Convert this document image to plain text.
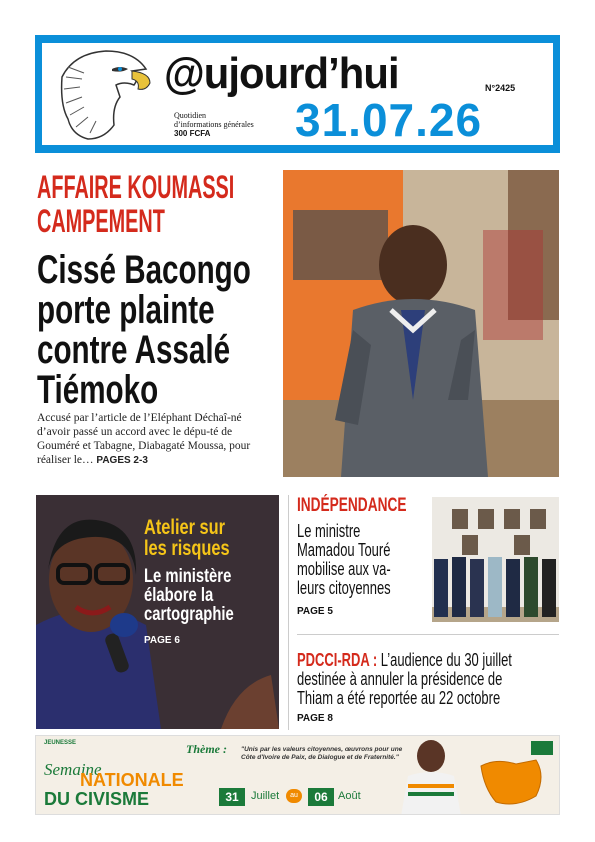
@ujourd’hui	N°2425
31.07.26
Quotidien
d’informations générales
300 FCFA
AFFAIRE KOUMASSI
CAMPEMENT
Cissé Bacongo
porte plainte
contre Assalé
Tiémoko
Accusé par l’article de l’Eléphant Déchaî-né d’avoir passé un accord avec le dépu-té de Gouméré et Tabagne, Diabagaté Moussa, pour réaliser le… PAGES 2-3
Atelier sur
les risques
Le ministère
élabore la
cartographie
PAGE 6
INDÉPENDANCE
Le ministre
Mamadou Touré
mobilise aux va-
leurs citoyennes
PAGE 5
PDCCI-RDA : L’audience du 30 juillet
destinée à annuler la présidence de
Thiam a été reportée au 22 octobre
PAGE 8
JEUNESSE
Semaine
NATIONALE
DU CIVISME
Thème : "Unis par les valeurs citoyennes, œuvrons pour une Côte d'Ivoire de Paix, de Dialogue et de Fraternité."
31	Juillet	au	06 Août
